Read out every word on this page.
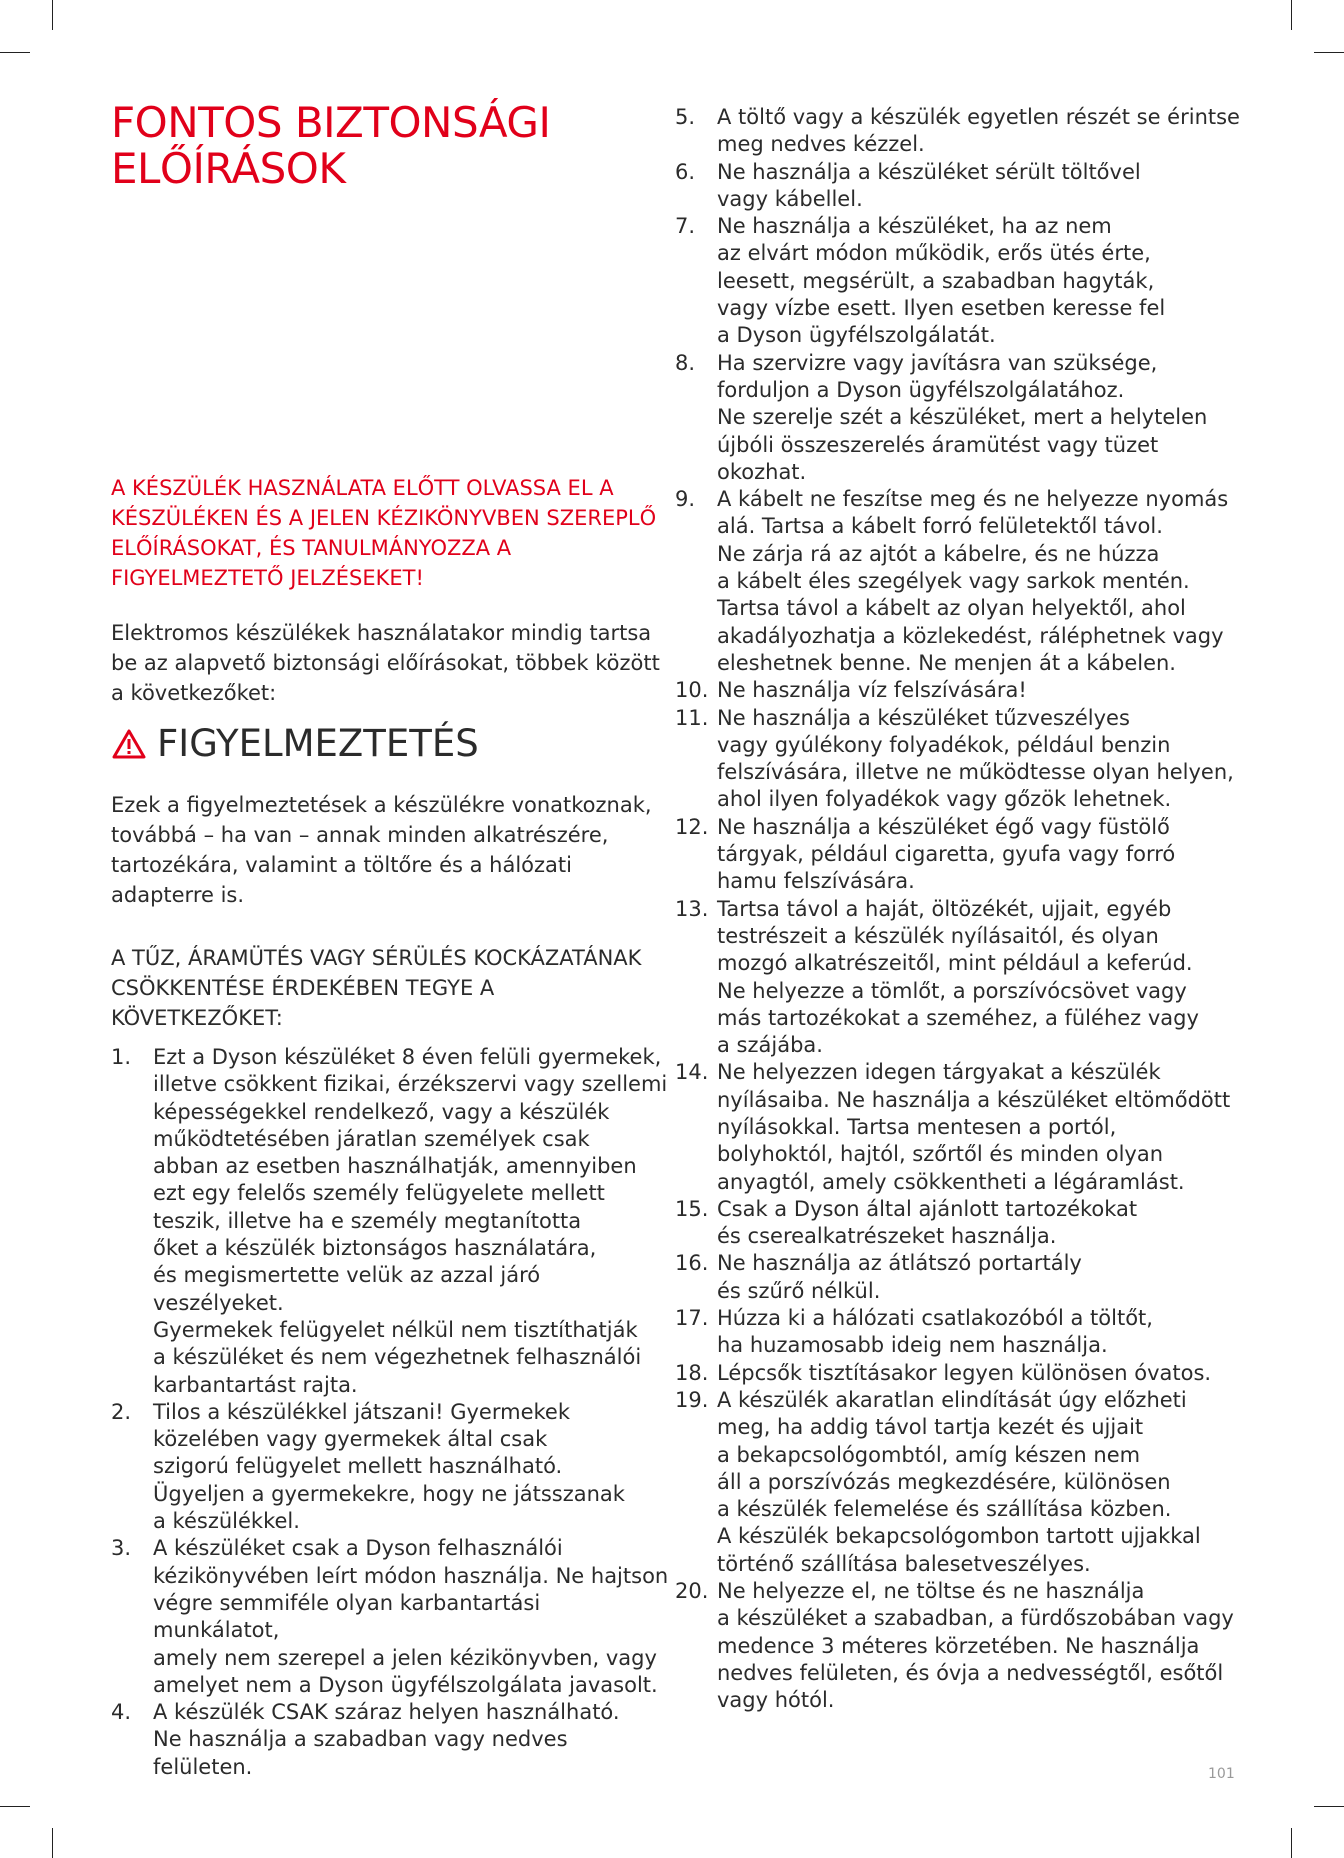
FONTOS BIZTONSÁGI ELŐÍRÁSOK

A KÉSZÜLÉK HASZNÁLATA ELŐTT OLVASSA EL A KÉSZÜLÉKEN ÉS A JELEN KÉZIKÖNYVBEN SZEREPLŐ ELŐÍRÁSOKAT, ÉS TANULMÁNYOZZA A FIGYELMEZTETŐ JELZÉSEKET!

Elektromos készülékek használatakor mindig tartsa be az alapvető biztonsági előírásokat, többek között a következőket:

FIGYELMEZTETÉS

Ezek a figyelmeztetések a készülékre vonatkoznak, továbbá – ha van – annak minden alkatrészére, tartozékára, valamint a töltőre és a hálózati adapterre is.

A TŰZ, ÁRAMÜTÉS VAGY SÉRÜLÉS KOCKÁZATÁNAK CSÖKKENTÉSE ÉRDEKÉBEN TEGYE A KÖVETKEZŐKET:

1.	Ezt a Dyson készüléket 8 éven felüli gyermekek,
illetve csökkent fizikai, érzékszervi vagy szellemi
képességekkel rendelkező, vagy a készülék
működtetésében járatlan személyek csak
abban az esetben használhatják, amennyiben
ezt egy felelős személy felügyelete mellett
teszik, illetve ha e személy megtanította
őket a készülék biztonságos használatára,
és megismertette velük az azzal járó veszélyeket.
Gyermekek felügyelet nélkül nem tisztíthatják
a készüléket és nem végezhetnek felhasználói
karbantartást rajta.
2.	Tilos a készülékkel játszani! Gyermekek
közelében vagy gyermekek által csak
szigorú felügyelet mellett használható.
Ügyeljen a gyermekekre, hogy ne játsszanak
a készülékkel.
3.	A készüléket csak a Dyson felhasználói
kézikönyvében leírt módon használja. Ne hajtson
végre semmiféle olyan karbantartási munkálatot,
amely nem szerepel a jelen kézikönyvben, vagy
amelyet nem a Dyson ügyfélszolgálata javasolt.
4.	A készülék CSAK száraz helyen használható.
Ne használja a szabadban vagy nedves
felületen.
5.	A töltő vagy a készülék egyetlen részét se érintse
meg nedves kézzel.
6.	Ne használja a készüléket sérült töltővel
vagy kábellel.
7.	Ne használja a készüléket, ha az nem
az elvárt módon működik, erős ütés érte,
leesett, megsérült, a szabadban hagyták,
vagy vízbe esett. Ilyen esetben keresse fel
a Dyson ügyfélszolgálatát.
8.	Ha szervizre vagy javításra van szüksége,
forduljon a Dyson ügyfélszolgálatához.
Ne szerelje szét a készüléket, mert a helytelen
újbóli összeszerelés áramütést vagy tüzet okozhat.
9.	A kábelt ne feszítse meg és ne helyezze nyomás
alá. Tartsa a kábelt forró felületektől távol.
Ne zárja rá az ajtót a kábelre, és ne húzza
a kábelt éles szegélyek vagy sarkok mentén.
Tartsa távol a kábelt az olyan helyektől, ahol
akadályozhatja a közlekedést, ráléphetnek vagy
eleshetnek benne. Ne menjen át a kábelen.
10. Ne használja víz felszívására!
11. Ne használja a készüléket tűzveszélyes
vagy gyúlékony folyadékok, például benzin
felszívására, illetve ne működtesse olyan helyen,
ahol ilyen folyadékok vagy gőzök lehetnek.
12. Ne használja a készüléket égő vagy füstölő
tárgyak, például cigaretta, gyufa vagy forró
hamu felszívására.
13. Tartsa távol a haját, öltözékét, ujjait, egyéb
testrészeit a készülék nyílásaitól, és olyan
mozgó alkatrészeitől, mint például a keferúd.
Ne helyezze a tömlőt, a porszívócsövet vagy
más tartozékokat a szeméhez, a füléhez vagy
a szájába.
14. Ne helyezzen idegen tárgyakat a készülék
nyílásaiba. Ne használja a készüléket eltömődött
nyílásokkal. Tartsa mentesen a portól,
bolyhoktól, hajtól, szőrtől és minden olyan
anyagtól, amely csökkentheti a légáramlást.
15. Csak a Dyson által ajánlott tartozékokat
és cserealkatrészeket használja.
16. Ne használja az átlátszó portartály
és szűrő nélkül.
17. Húzza ki a hálózati csatlakozóból a töltőt,
ha huzamosabb ideig nem használja.
18. Lépcsők tisztításakor legyen különösen óvatos.
19. A készülék akaratlan elindítását úgy előzheti
meg, ha addig távol tartja kezét és ujjait
a bekapcsológombtól, amíg készen nem
áll a porszívózás megkezdésére, különösen
a készülék felemelése és szállítása közben.
A készülék bekapcsológombon tartott ujjakkal
történő szállítása balesetveszélyes.
20. Ne helyezze el, ne töltse és ne használja
a készüléket a szabadban, a fürdőszobában vagy
medence 3 méteres körzetében. Ne használja
nedves felületen, és óvja a nedvességtől, esőtől
vagy hótól.
101
